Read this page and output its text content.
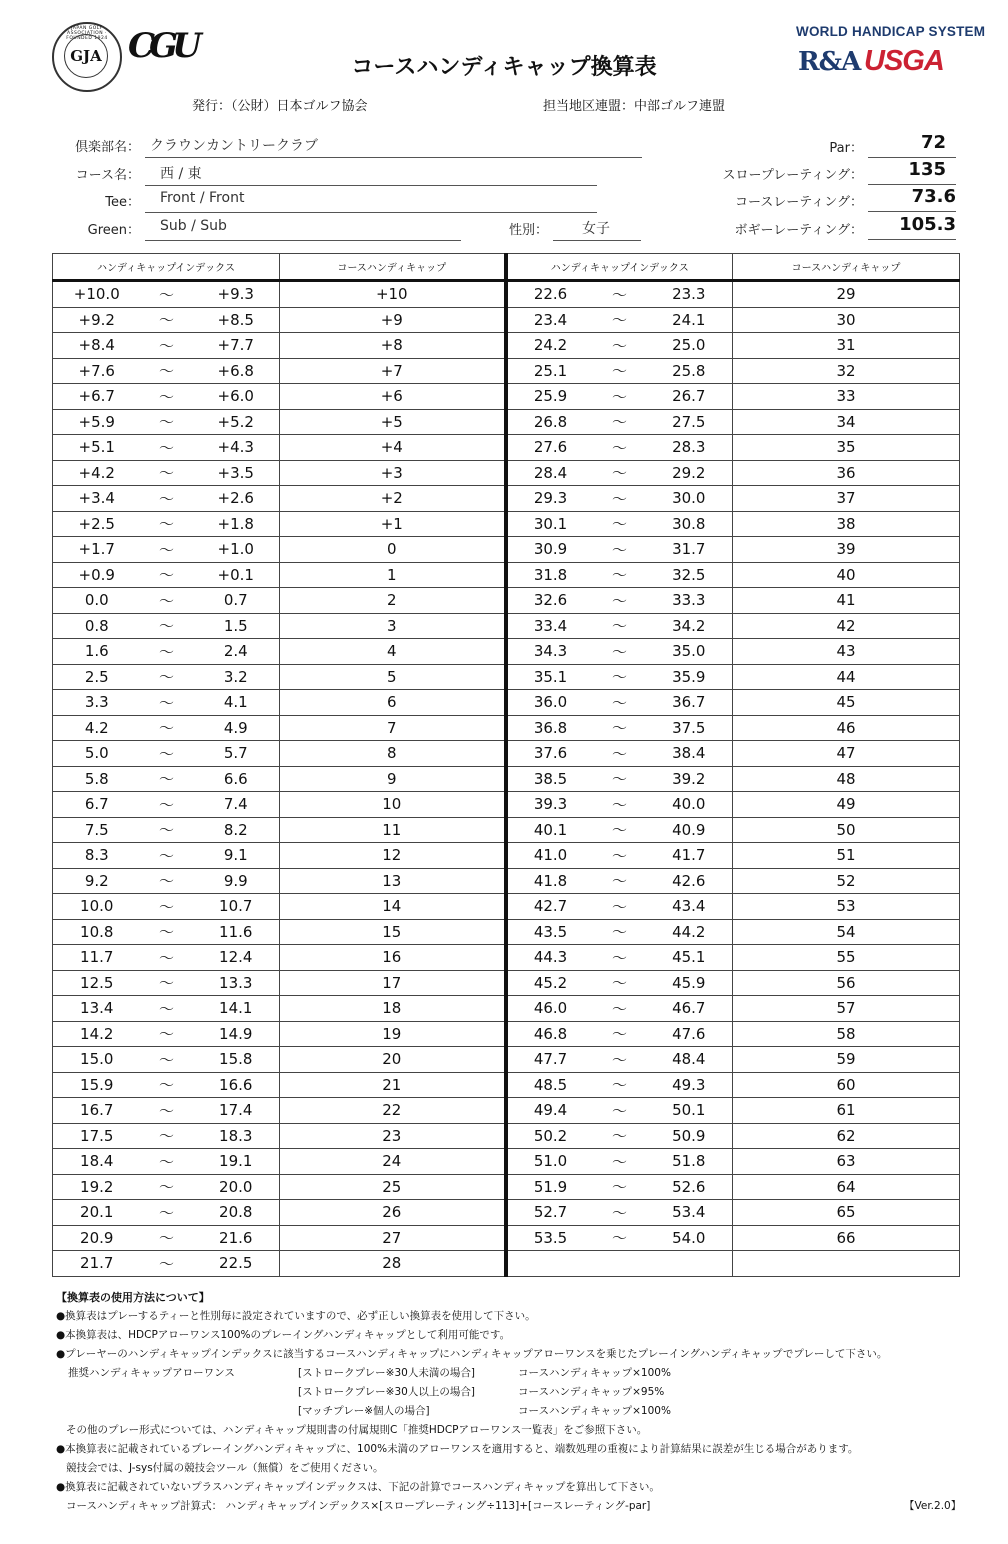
JAPAN GOLF ASSOCIATION · FOUNDED 1924
GJA CGU	WORLD HANDICAP SYSTEM
R&A USGA
コースハンディキャップ換算表
発行：（公財）日本ゴルフ協会	担当地区連盟：中部ゴルフ連盟
倶楽部名： クラウンカントリークラブ
コース名： 西 / 東
Tee： Front / Front
Green： Sub / Sub	性別： 女子
Par：	72
スロープレーティング：	135
コースレーティング：	73.6
ボギーレーティング：	105.3
ハンディキャップインデックス			コースハンディキャップ	ハンディキャップインデックス			コースハンディキャップ
+10.0	～	+9.3	+10	22.6	～	23.3	29
+9.2	～	+8.5	+9	23.4	～	24.1	30
+8.4	～	+7.7	+8	24.2	～	25.0	31
+7.6	～	+6.8	+7	25.1	～	25.8	32
+6.7	～	+6.0	+6	25.9	～	26.7	33
+5.9	～	+5.2	+5	26.8	～	27.5	34
+5.1	～	+4.3	+4	27.6	～	28.3	35
+4.2	～	+3.5	+3	28.4	～	29.2	36
+3.4	～	+2.6	+2	29.3	～	30.0	37
+2.5	～	+1.8	+1	30.1	～	30.8	38
+1.7	～	+1.0	0	30.9	～	31.7	39
+0.9	～	+0.1	1	31.8	～	32.5	40
0.0	～	0.7	2	32.6	～	33.3	41
0.8	～	1.5	3	33.4	～	34.2	42
1.6	～	2.4	4	34.3	～	35.0	43
2.5	～	3.2	5	35.1	～	35.9	44
3.3	～	4.1	6	36.0	～	36.7	45
4.2	～	4.9	7	36.8	～	37.5	46
5.0	～	5.7	8	37.6	～	38.4	47
5.8	～	6.6	9	38.5	～	39.2	48
6.7	～	7.4	10	39.3	～	40.0	49
7.5	～	8.2	11	40.1	～	40.9	50
8.3	～	9.1	12	41.0	～	41.7	51
9.2	～	9.9	13	41.8	～	42.6	52
10.0	～	10.7	14	42.7	～	43.4	53
10.8	～	11.6	15	43.5	～	44.2	54
11.7	～	12.4	16	44.3	～	45.1	55
12.5	～	13.3	17	45.2	～	45.9	56
13.4	～	14.1	18	46.0	～	46.7	57
14.2	～	14.9	19	46.8	～	47.6	58
15.0	～	15.8	20	47.7	～	48.4	59
15.9	～	16.6	21	48.5	～	49.3	60
16.7	～	17.4	22	49.4	～	50.1	61
17.5	～	18.3	23	50.2	～	50.9	62
18.4	～	19.1	24	51.0	～	51.8	63
19.2	～	20.0	25	51.9	～	52.6	64
20.1	～	20.8	26	52.7	～	53.4	65
20.9	～	21.6	27	53.5	～	54.0	66
21.7	～	22.5	28				
【換算表の使用方法について】
●換算表はプレーするティーと性別毎に設定されていますので、必ず正しい換算表を使用して下さい。
●本換算表は、HDCPアローワンス100%のプレーイングハンディキャップとして利用可能です。
●プレーヤーのハンディキャップインデックスに該当するコースハンディキャップにハンディキャップアローワンスを乗じたプレーイングハンディキャップでプレーして下さい。
推奨ハンディキャップアローワンス	[ストロークプレー※30人未満の場合]	コースハンディキャップ×100%
[ストロークプレー※30人以上の場合]	コースハンディキャップ×95%
[マッチプレー※個人の場合]	コースハンディキャップ×100%
その他のプレー形式については、ハンディキャップ規則書の付属規則C「推奨HDCPアローワンス一覧表」をご参照下さい。
●本換算表に記載されているプレーイングハンディキャップに、100%未満のアローワンスを適用すると、端数処理の重複により計算結果に誤差が生じる場合があります。
競技会では、J-sys付属の競技会ツール（無償）をご使用ください。
●換算表に記載されていないプラスハンディキャップインデックスは、下記の計算でコースハンディキャップを算出して下さい。
コースハンディキャップ計算式： ハンディキャップインデックス×[スロープレーティング÷113]+[コースレーティング-par]	【Ver.2.0】
